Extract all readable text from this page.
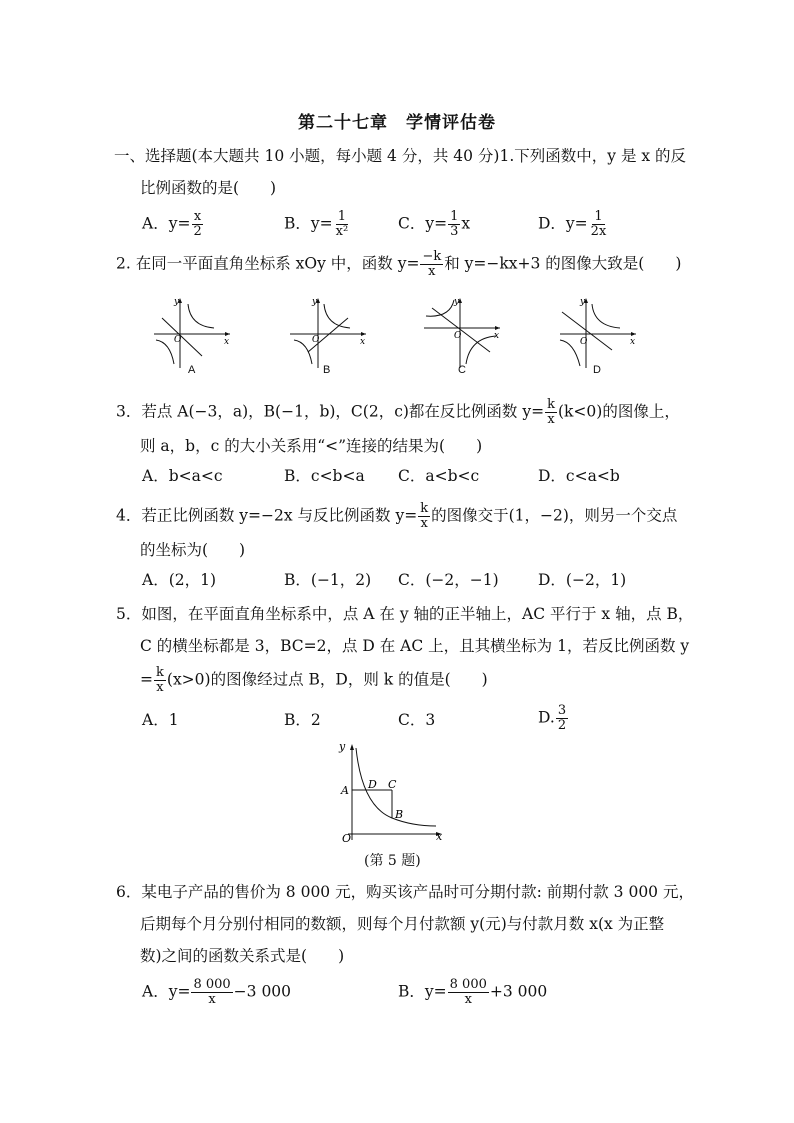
第二十七章　学情评估卷
一、选择题(本大题共 10 小题，每小题 4 分，共 40 分)1.下列函数中，y 是 x 的反
比例函数的是(　　)
A．$y= \frac{x}{2}$	B．$y= \frac{1}{\text{x²}}$	C．$y= \frac{1}{3}$ x	D．$y= \frac{1}{2x}$
2. 在同一平面直角坐标系 xOy 中，函数 $y= \frac{-k}{x}$ 和 y=−kx+3 的图像大致是(　　)
x
y
O	x
y
O	x
y
O
x
y
O
A	B	C	D
3．若点 A(−3，a)，B(−1，b)，C(2，c)都在反比例函数 $y= \frac{k}{x} (k<0)$的图像上，
则 a，b，c 的大小关系用“<”连接的结果为(　　)
A．b<a<c	B．c<b<a C．a<b<c	D．c<a<b
4．若正比例函数 y=−2x 与反比例函数 $y= \frac{k}{x}$ 的图像交于(1，−2)，则另一个交点
的坐标为(　　)
A．(2，1)	B．(−1，2) C．(−2，−1)	D．(−2，1)
5．如图，在平面直角坐标系中，点 A 在 y 轴的正半轴上，AC 平行于 x 轴，点 B，
C 的横坐标都是 3，BC=2，点 D 在 AC 上，且其横坐标为 1，若反比例函数 y
= $\frac{k}{x} (x>0)$的图像经过点 B，D，则 k 的值是(　　)
A．1	B．2	C．3	D. $\frac{3}{2}$
y
x
O
A D C
B
(第 5 题)
6．某电子产品的售价为 8 000 元，购买该产品时可分期付款: 前期付款 3 000 元，
后期每个月分别付相同的数额，则每个月付款额 y(元)与付款月数 x(x 为正整
数)之间的函数关系式是(　　)
A．$y= \frac{8 000}{x} -3$ 000	B．$y= \frac{8 000}{x} +3$ 000
